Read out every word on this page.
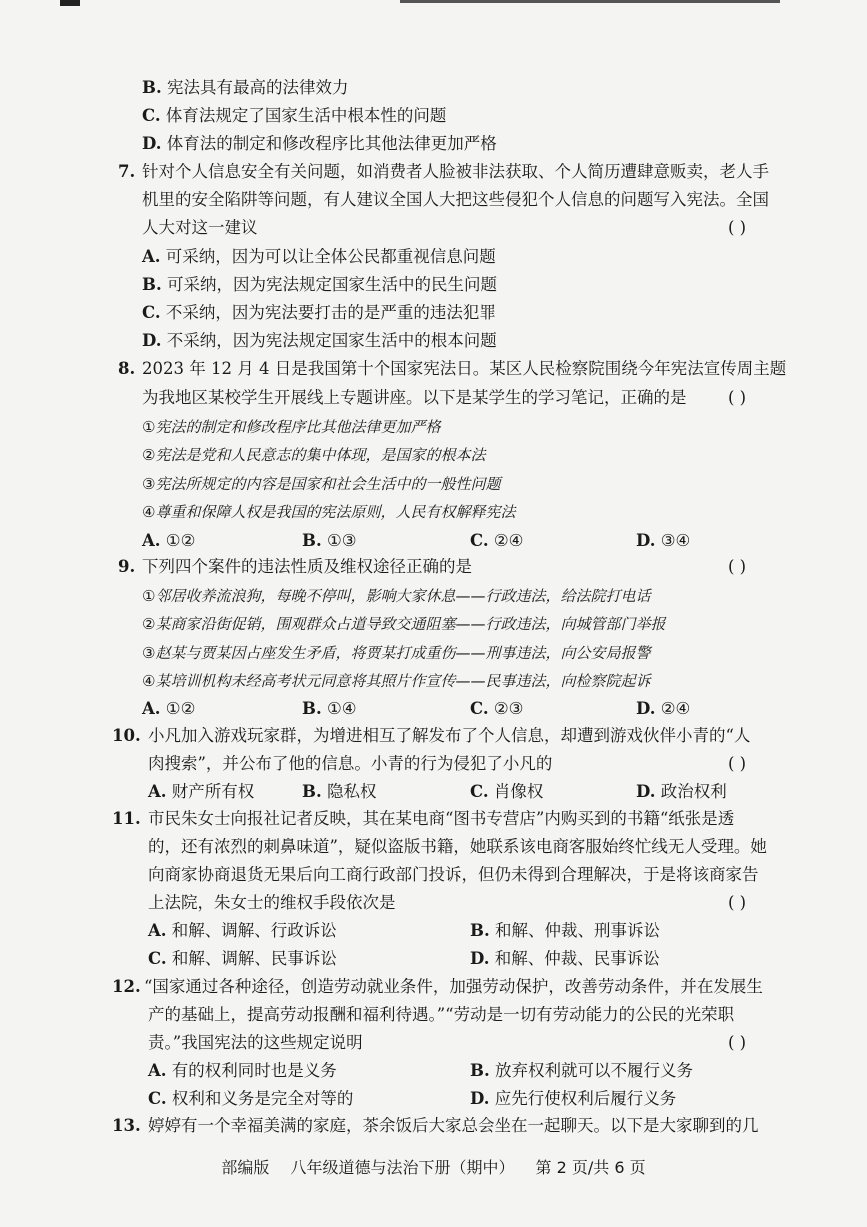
B. 宪法具有最高的法律效力
C. 体育法规定了国家生活中根本性的问题
D. 体育法的制定和修改程序比其他法律更加严格
7. 针对个人信息安全有关问题，如消费者人脸被非法获取、个人简历遭肆意贩卖，老人手
机里的安全陷阱等问题，有人建议全国人大把这些侵犯个人信息的问题写入宪法。全国
人大对这一建议	( )
A. 可采纳，因为可以让全体公民都重视信息问题
B. 可采纳，因为宪法规定国家生活中的民生问题
C. 不采纳，因为宪法要打击的是严重的违法犯罪
D. 不采纳，因为宪法规定国家生活中的根本问题
8. 2023 年 12 月 4 日是我国第十个国家宪法日。某区人民检察院围绕今年宪法宣传周主题
为我地区某校学生开展线上专题讲座。以下是某学生的学习笔记，正确的是	( )
①宪法的制定和修改程序比其他法律更加严格
②宪法是党和人民意志的集中体现，是国家的根本法
③宪法所规定的内容是国家和社会生活中的一般性问题
④尊重和保障人权是我国的宪法原则，人民有权解释宪法
A. ①②	B. ①③	C. ②④	D. ③④
9. 下列四个案件的违法性质及维权途径正确的是	( )
①邻居收养流浪狗，每晚不停叫，影响大家休息——行政违法，给法院打电话
②某商家沿街促销，围观群众占道导致交通阻塞——行政违法，向城管部门举报
③赵某与贾某因占座发生矛盾，将贾某打成重伤——刑事违法，向公安局报警
④某培训机构未经高考状元同意将其照片作宣传——民事违法，向检察院起诉
A. ①②	B. ①④	C. ②③	D. ②④
10. 小凡加入游戏玩家群，为增进相互了解发布了个人信息，却遭到游戏伙伴小青的“人
肉搜索”，并公布了他的信息。小青的行为侵犯了小凡的	( )
A. 财产所有权	B. 隐私权	C. 肖像权	D. 政治权利
11. 市民朱女士向报社记者反映，其在某电商“图书专营店”内购买到的书籍“纸张是透
的，还有浓烈的刺鼻味道”，疑似盗版书籍，她联系该电商客服始终忙线无人受理。她
向商家协商退货无果后向工商行政部门投诉，但仍未得到合理解决，于是将该商家告
上法院，朱女士的维权手段依次是	( )
A. 和解、调解、行政诉讼	B. 和解、仲裁、刑事诉讼
C. 和解、调解、民事诉讼	D. 和解、仲裁、民事诉讼
12. “国家通过各种途径，创造劳动就业条件，加强劳动保护，改善劳动条件，并在发展生
产的基础上，提高劳动报酬和福利待遇。”“劳动是一切有劳动能力的公民的光荣职
责。”我国宪法的这些规定说明	( )
A. 有的权利同时也是义务	B. 放弃权利就可以不履行义务
C. 权利和义务是完全对等的	D. 应先行使权利后履行义务
13. 婷婷有一个幸福美满的家庭，茶余饭后大家总会坐在一起聊天。以下是大家聊到的几
部编版 八年级道德与法治下册（期中） 第 2 页/共 6 页
